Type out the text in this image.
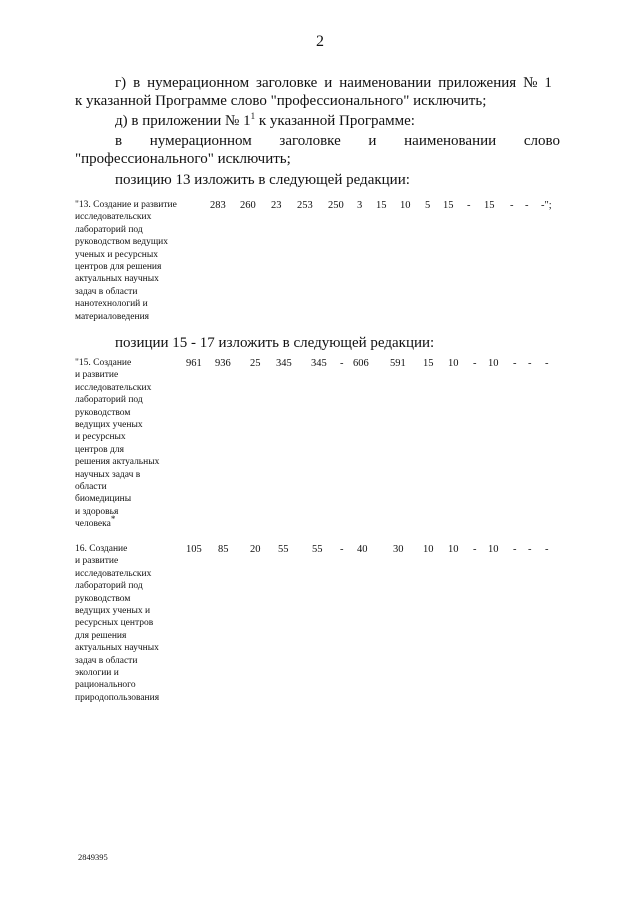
2
г) в нумерационном заголовке и наименовании приложения № 1
к указанной Программе слово "профессионального" исключить;
д) в приложении № $1^1$ к указанной Программе:
в нумерационном заголовке и наименовании слово
"профессионального" исключить;
позицию 13 изложить в следующей редакции:
"13. Создание и развитие
исследовательских
лабораторий под
руководством ведущих
ученых и ресурсных
центров для решения
актуальных научных
задач в области
нанотехнологий и
материаловедения
283 260 23 253 250 3 15 10 5 15 - 15 - - -";
позиции 15 - 17 изложить в следующей редакции:
"15. Создание
и развитие
исследовательских
лабораторий под
руководством
ведущих ученых
и ресурсных
центров для
решения актуальных
научных задач в
области
биомедицины
и здоровья
человека*
961 936 25 345 345 - 606 591 15 10 - 10 - - -
16. Создание
и развитие
исследовательских
лабораторий под
руководством
ведущих ученых и
ресурсных центров
для решения
актуальных научных
задач в области
экологии и
рационального
природопользования
105 85 20 55 55 - 40 30 10 10 - 10 - - -
2849395
